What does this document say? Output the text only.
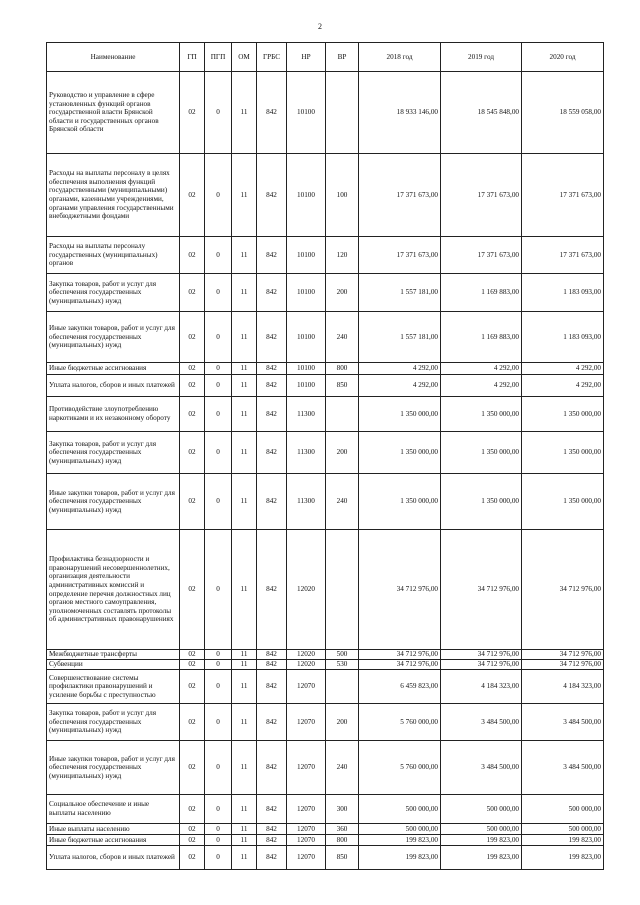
2
Наименование	ГП	ПГП	ОМ	ГРБС	НР	ВР	2018 год	2019 год	2020 год
Руководство и управление в сфере установленных функций органов государственной власти Брянской области и государственных органов Брянской области	02	0	11	842	10100		18 933 146,00	18 545 848,00	18 559 058,00
Расходы на выплаты персоналу в целях обеспечения выполнения функций государственными (муниципальными) органами, казенными учреждениями, органами управления государственными внебюджетными фондами	02	0	11	842	10100	100	17 371 673,00	17 371 673,00	17 371 673,00
Расходы на выплаты персоналу государственных (муниципальных) органов	02	0	11	842	10100	120	17 371 673,00	17 371 673,00	17 371 673,00
Закупка товаров, работ и услуг для обеспечения государственных (муниципальных) нужд	02	0	11	842	10100	200	1 557 181,00	1 169 883,00	1 183 093,00
Иные закупки товаров, работ и услуг для обеспечения государственных (муниципальных) нужд	02	0	11	842	10100	240	1 557 181,00	1 169 883,00	1 183 093,00
Иные бюджетные ассигнования	02	0	11	842	10100	800	4 292,00	4 292,00	4 292,00
Уплата налогов, сборов и иных платежей	02	0	11	842	10100	850	4 292,00	4 292,00	4 292,00
Противодействие злоупотреблению наркотиками и их незаконному обороту	02	0	11	842	11300		1 350 000,00	1 350 000,00	1 350 000,00
Закупка товаров, работ и услуг для обеспечения государственных (муниципальных) нужд	02	0	11	842	11300	200	1 350 000,00	1 350 000,00	1 350 000,00
Иные закупки товаров, работ и услуг для обеспечения государственных (муниципальных) нужд	02	0	11	842	11300	240	1 350 000,00	1 350 000,00	1 350 000,00
Профилактика безнадзорности и правонарушений несовершеннолетних, организация деятельности административных комиссий и определение перечня должностных лиц органов местного самоуправления, уполномоченных составлять протоколы об административных правонарушениях	02	0	11	842	12020		34 712 976,00	34 712 976,00	34 712 976,00
Межбюджетные трансферты	02	0	11	842	12020	500	34 712 976,00	34 712 976,00	34 712 976,00
Субвенции	02	0	11	842	12020	530	34 712 976,00	34 712 976,00	34 712 976,00
Совершенствование системы профилактики правонарушений и усиление борьбы с преступностью	02	0	11	842	12070		6 459 823,00	4 184 323,00	4 184 323,00
Закупка товаров, работ и услуг для обеспечения государственных (муниципальных) нужд	02	0	11	842	12070	200	5 760 000,00	3 484 500,00	3 484 500,00
Иные закупки товаров, работ и услуг для обеспечения государственных (муниципальных) нужд	02	0	11	842	12070	240	5 760 000,00	3 484 500,00	3 484 500,00
Социальное обеспечение и иные выплаты населению	02	0	11	842	12070	300	500 000,00	500 000,00	500 000,00
Иные выплаты населению	02	0	11	842	12070	360	500 000,00	500 000,00	500 000,00
Иные бюджетные ассигнования	02	0	11	842	12070	800	199 823,00	199 823,00	199 823,00
Уплата налогов, сборов и иных платежей	02	0	11	842	12070	850	199 823,00	199 823,00	199 823,00
